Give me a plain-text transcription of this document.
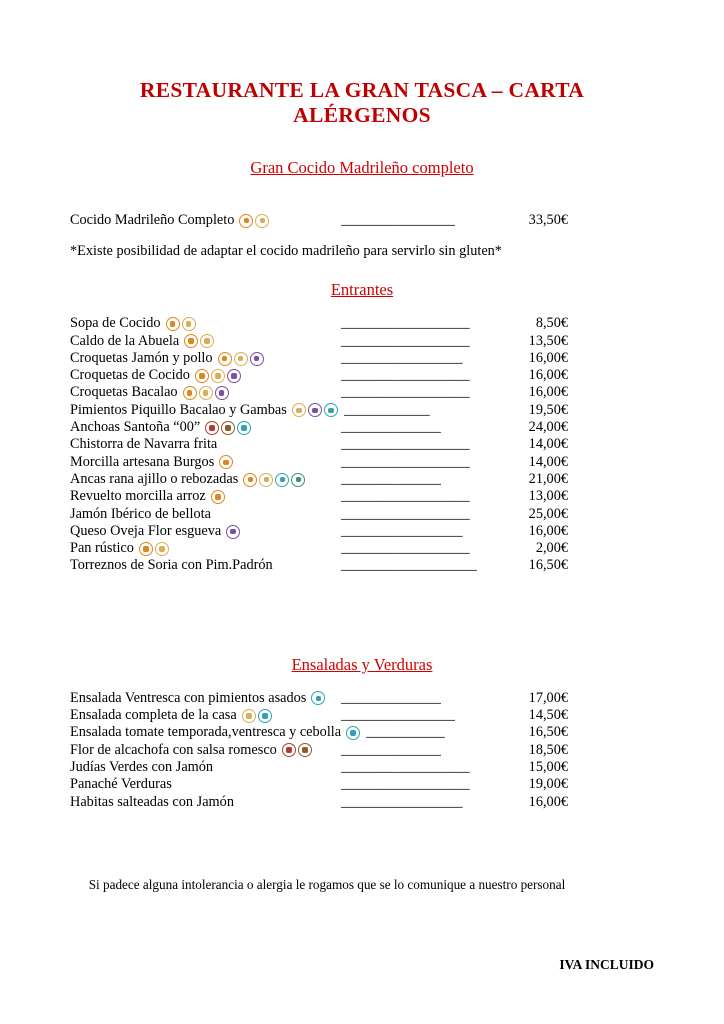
RESTAURANTE LA GRAN TASCA – CARTA ALÉRGENOS
Gran Cocido Madrileño completo
Cocido Madrileño Completo	________________	33,50€

*Existe posibilidad de adaptar el cocido madrileño para servirlo sin gluten*

Entrantes
Sopa de Cocido	__________________	8,50€
Caldo de la Abuela	__________________	13,50€
Croquetas Jamón y pollo	_________________	16,00€
Croquetas de Cocido	__________________	16,00€
Croquetas Bacalao	__________________	16,00€
Pimientos Piquillo Bacalao y Gambas	____________	19,50€
Anchoas Santoña “00”	______________	24,00€
Chistorra de Navarra frita	__________________	14,00€
Morcilla artesana Burgos	__________________	14,00€
Ancas rana ajillo o rebozadas	______________	21,00€
Revuelto morcilla arroz	__________________	13,00€
Jamón Ibérico de bellota	__________________	25,00€
Queso Oveja Flor esgueva	_________________	16,00€
Pan rústico	__________________	2,00€
Torreznos de Soria con Pim.Padrón	___________________	16,50€
Ensaladas y Verduras
Ensalada Ventresca con pimientos asados ______________	17,00€
Ensalada completa de la casa	________________	14,50€
Ensalada tomate temporada,ventresca y cebolla ___________	16,50€
Flor de alcachofa con salsa romesco	______________	18,50€
Judías Verdes con Jamón	__________________	15,00€
Panaché Verduras	__________________	19,00€
Habitas salteadas con Jamón	_________________	16,00€

Si padece alguna intolerancia o alergia le rogamos que se lo comunique a nuestro personal

IVA INCLUIDO
